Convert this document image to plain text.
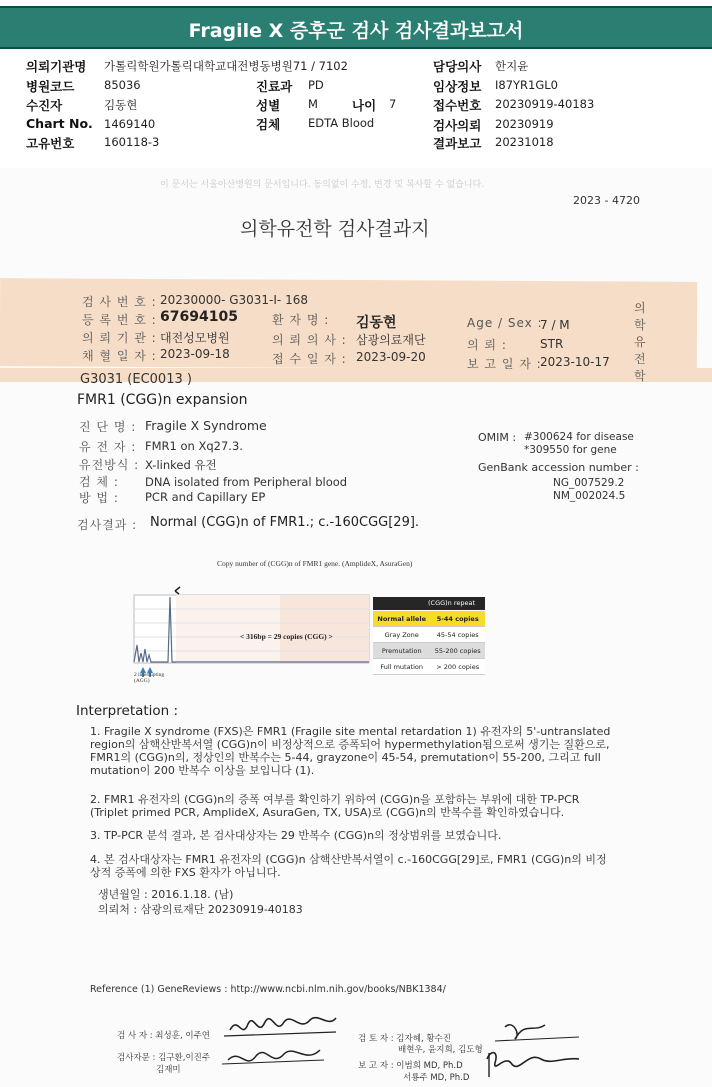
Fragile X 증후군 검사 검사결과보고서
의뢰기관명 가톨릭학원가톨릭대학교대전병동병원71 / 7102
병원코드	85036
수진자	김동현
Chart No. 1469140
고유번호	160118-3
진료과 PD
성별 M	나이 7
검체 EDTA Blood
담당의사 한지윤
임상정보 I87YR1GL0
접수번호 20230919-40183
검사의뢰 20230919
결과보고 20231018
이 문서는 서울아산병원의 문서입니다. 동의없이 수정, 변경 및 복사할 수 없습니다.
2023 - 4720
의학유전학 검사결과지
의학유전학
검 사 번 호 : 20230000- G3031-I- 168
등 록 번 호 : 67694105
의 뢰 기 관 : 대전성모병원
채 혈 일 자 : 2023-09-18
환 자 명 : 김동현
의 뢰 의 사 : 삼광의료재단
접 수 일 자 : 2023-09-20
Age / Sex :
7 / M
의 뢰 :	STR
보 고 일 자 :
2023-10-17
G3031 (EC0013 )
FMR1 (CGG)n expansion
진 단 명 : Fragile X Syndrome
유 전 자 : FMR1 on Xq27.3.
유전방식 : X-linked 유전
검 체 : DNA isolated from Peripheral blood
방 법 : PCR and Capillary EP
OMIM : #300624 for disease
*309550 for gene
GenBank accession number :
NG_007529.2
NM_002024.5
검사결과 : Normal (CGG)n of FMR1.; c.-160CGG[29].
Copy number of (CGG)n of FMR1 gene. (AmplideX, AsuraGen)
< 316bp = 29 copies (CGG) >
2 interrupting (AGG)
(CGG)n repeat
Normal allele	5-44 copies
Gray Zone	45-54 copies
Premutation	55-200 copies
Full mutation	> 200 copies
Interpretation :
1. Fragile X syndrome (FXS)은 FMR1 (Fragile site mental retardation 1) 유전자의 5'-untranslated
region의 삼핵산반복서열 (CGG)n이 비정상적으로 증폭되어 hypermethylation됨으로써 생기는 질환으로,
FMR1의 (CGG)n의, 정상인의 반복수는 5-44, grayzone이 45-54, premutation이 55-200, 그리고 full
mutation이 200 반복수 이상을 보입니다 (1).
2. FMR1 유전자의 (CGG)n의 증폭 여부를 확인하기 위하여 (CGG)n을 포함하는 부위에 대한 TP-PCR
(Triplet primed PCR, AmplideX, AsuraGen, TX, USA)로 (CGG)n의 반복수를 확인하였습니다.
3. TP-PCR 분석 결과, 본 검사대상자는 29 반복수 (CGG)n의 정상범위를 보였습니다.
4. 본 검사대상자는 FMR1 유전자의 (CGG)n 삼핵산반복서열이 c.-160CGG[29]로, FMR1 (CGG)n의 비정
상적 증폭에 의한 FXS 환자가 아닙니다.
생년월일 : 2016.1.18. (남)
의뢰처 : 삼광의료재단 20230919-40183
Reference (1) GeneReviews : http://www.ncbi.nlm.nih.gov/books/NBK1384/
검 사 자 : 최성훈, 이주연
검사자문 : 김구환,이진주
김재미
검 토 자 : 김자혜, 황수진
배현우, 윤지희, 김도형
보 고 자 : 이범희 MD, Ph.D
서룡주 MD, Ph.D
